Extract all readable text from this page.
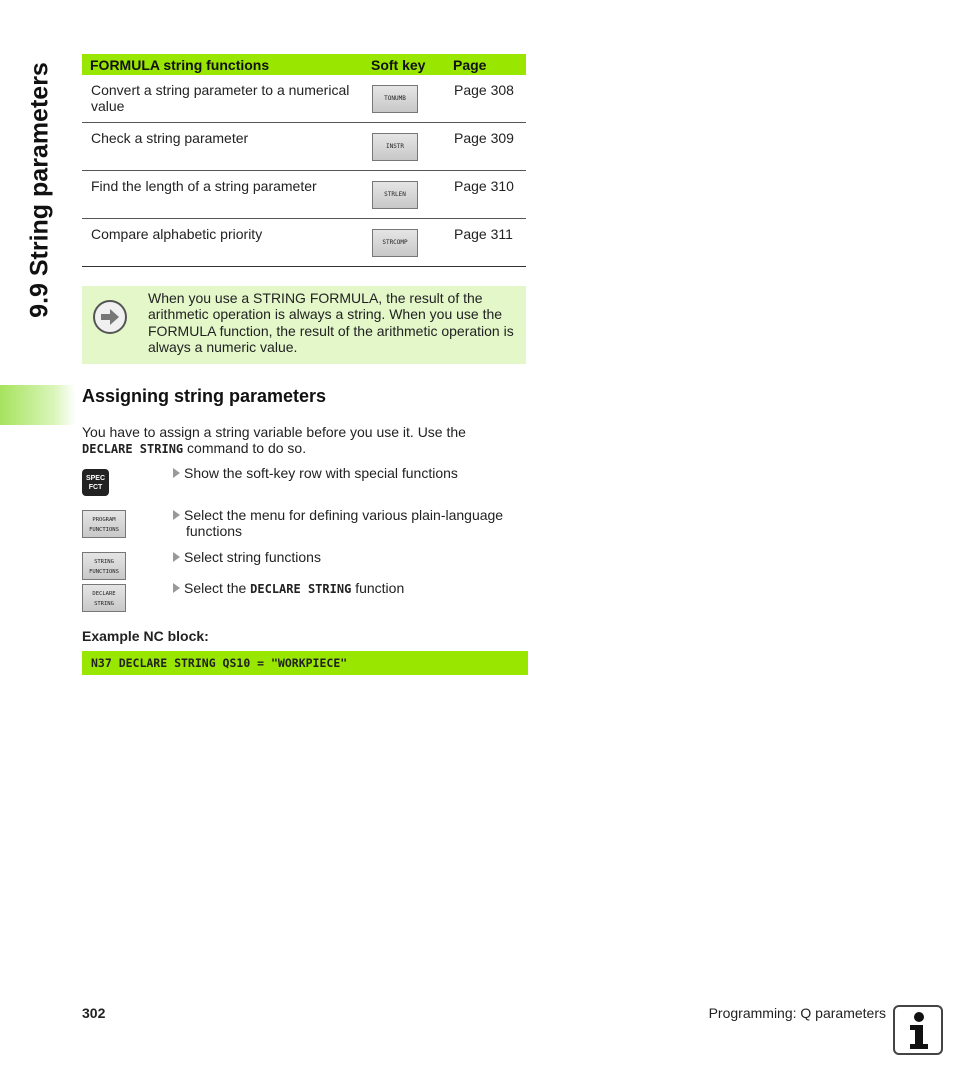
9.9 String parameters	FORMULA string functions	Soft key	Page
Convert a string parameter to a numerical value	TONUMB	Page 308
Check a string parameter	INSTR	Page 309
Find the length of a string parameter	STRLEN	Page 310
Compare alphabetic priority	STRCOMP	Page 311

When you use a STRING FORMULA, the result of the arithmetic operation is always a string. When you use the FORMULA function, the result of the arithmetic operation is always a numeric value.

Assigning string parameters

You have to assign a string variable before you use it. Use the
DECLARE STRING command to do so.

SPEC
FCT
Show the soft-key row with special functions
PROGRAM
FUNCTIONS
Select the menu for defining various plain-language
functions
STRING
FUNCTIONS
Select string functions
DECLARE
STRING
Select the DECLARE STRING function

Example NC block:

N37 DECLARE STRING QS10 = "WORKPIECE"
302	Programming: Q parameters
